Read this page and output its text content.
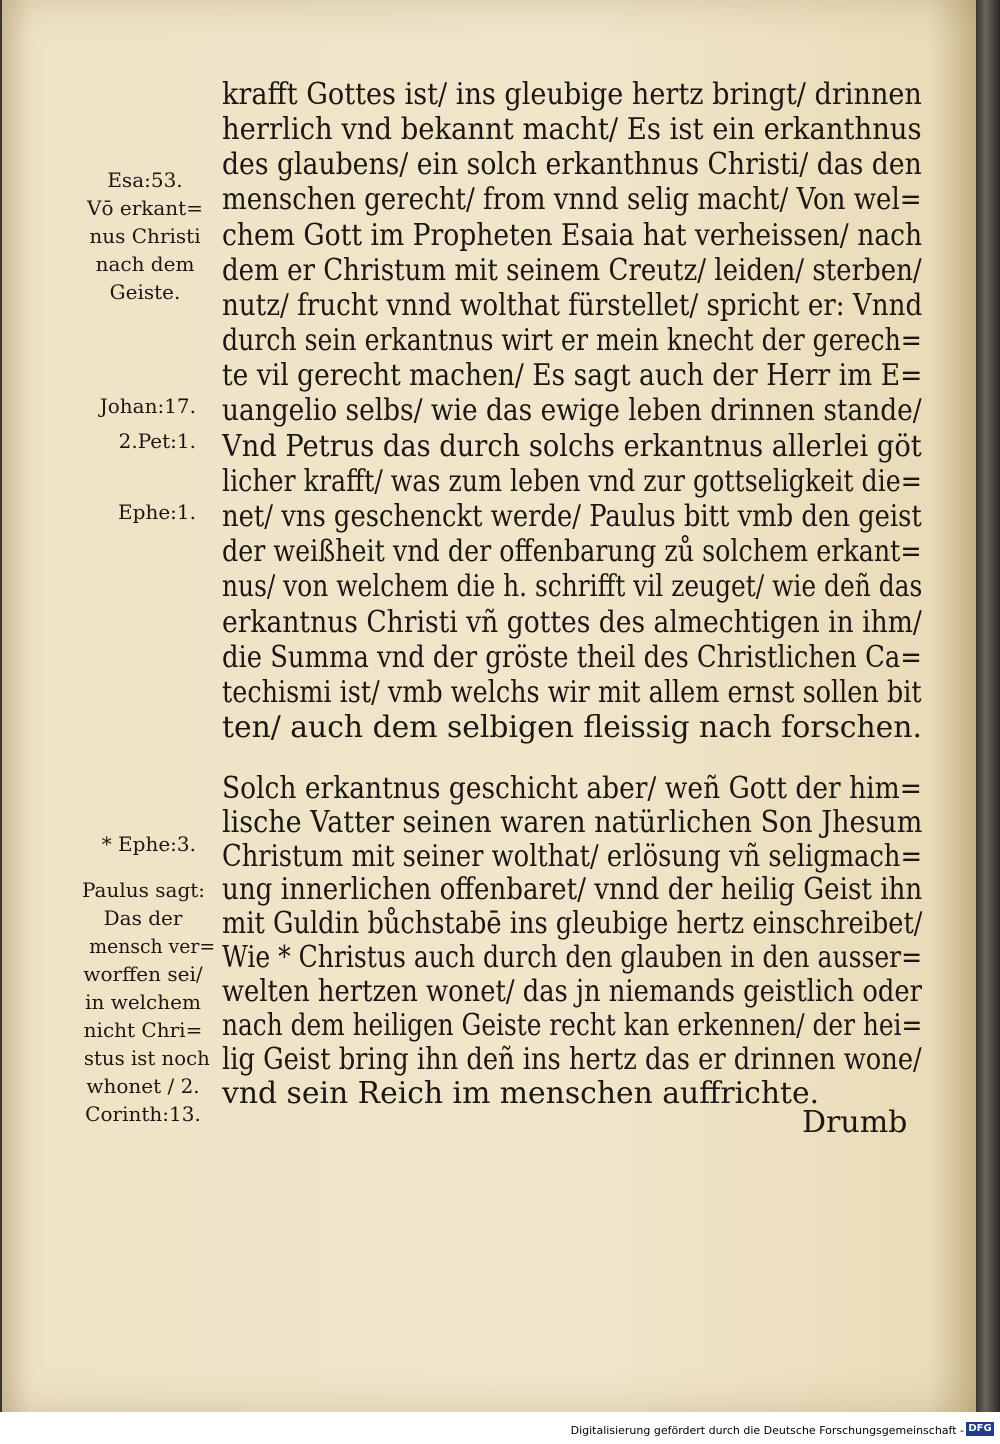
krafft Gottes ist/ ins gleubige hertz bringt/ drinnen
herrlich vnd bekannt macht/ Es ist ein erkanthnus
des glaubens/ ein solch erkanthnus Christi/ das den
menschen gerecht/ from vnnd selig macht/ Von wel=
chem Gott im Propheten Esaia hat verheissen/ nach
dem er Christum mit seinem Creutz/ leiden/ sterben/
nutz/ frucht vnnd wolthat fürstellet/ spricht er: Vnnd
durch sein erkantnus wirt er mein knecht der gerech=
te vil gerecht machen/ Es sagt auch der Herr im E=
uangelio selbs/ wie das ewige leben drinnen stande/
Vnd Petrus das durch solchs erkantnus allerlei göt
licher krafft/ was zum leben vnd zur gottseligkeit die=
net/ vns geschenckt werde/ Paulus bitt vmb den geist
der weißheit vnd der offenbarung zů solchem erkant=
nus/ von welchem die h. schrifft vil zeuget/ wie deñ das
erkantnus Christi vñ gottes des almechtigen in ihm/
die Summa vnd der gröste theil des Christlichen Ca=
techismi ist/ vmb welchs wir mit allem ernst sollen bit
ten/ auch dem selbigen fleissig nach forschen.
Solch erkantnus geschicht aber/ weñ Gott der him=
lische Vatter seinen waren natürlichen Son Jhesum
Christum mit seiner wolthat/ erlösung vñ seligmach=
ung innerlichen offenbaret/ vnnd der heilig Geist ihn
mit Guldin bůchstabē ins gleubige hertz einschreibet/
Wie * Christus auch durch den glauben in den ausser=
welten hertzen wonet/ das jn niemands geistlich oder
nach dem heiligen Geiste recht kan erkennen/ der hei=
lig Geist bring ihn deñ ins hertz das er drinnen wone/
vnd sein Reich im menschen auffrichte.
Drumb
Esa:53.
Vō erkant=
nus Christi
nach dem
Geiste.
Johan:17.
2.Pet:1.
Ephe:1.
* Ephe:3.
Paulus sagt:
Das der
mensch ver=
worffen sei/
in welchem
nicht Chri=
stus ist noch
whonet / 2.
Corinth:13.
Digitalisierung gefördert durch die Deutsche Forschungsgemeinschaft - DFG
